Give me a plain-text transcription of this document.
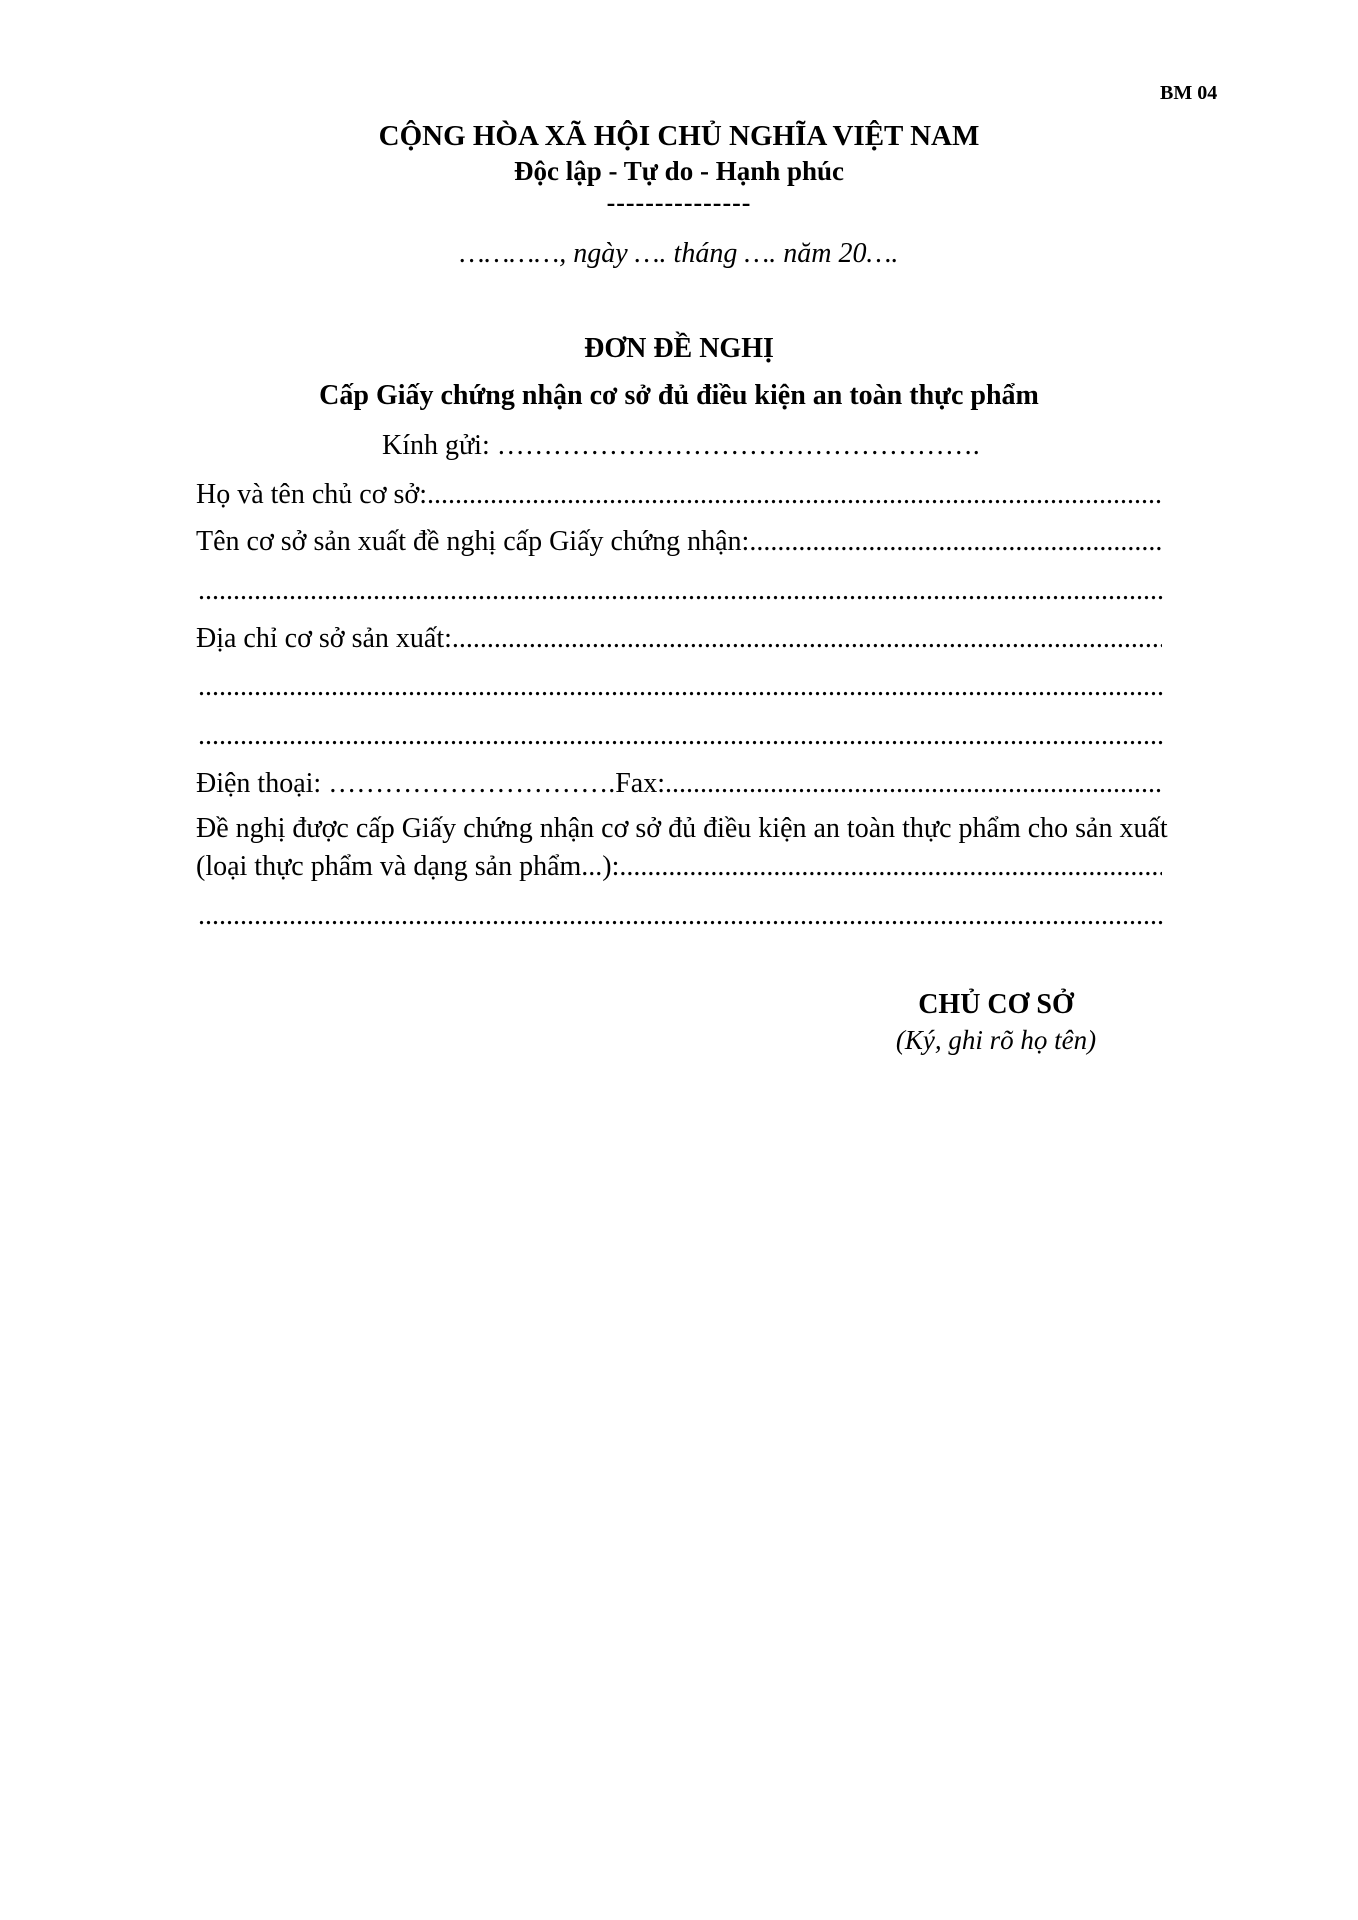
BM 04
CỘNG HÒA XÃ HỘI CHỦ NGHĨA VIỆT NAM
Độc lập - Tự do - Hạnh phúc
---------------
…………, ngày …. tháng …. năm 20….
ĐƠN ĐỀ NGHỊ
Cấp Giấy chứng nhận cơ sở đủ điều kiện an toàn thực phẩm
Kính gửi: …………………………………………….
Họ và tên chủ cơ sở:
.....
Tên cơ sở sản xuất đề nghị cấp Giấy chứng nhận:
.....
.....
Địa chỉ cơ sở sản xuất:
.....
.....
.....
Điện thoại: ………………………….Fax:
.....
Đề nghị được cấp Giấy chứng nhận cơ sở đủ điều kiện an toàn thực phẩm cho sản xuất
(loại thực phẩm và dạng sản phẩm...):
.....
.....
CHỦ CƠ SỞ
(Ký, ghi rõ họ tên)
